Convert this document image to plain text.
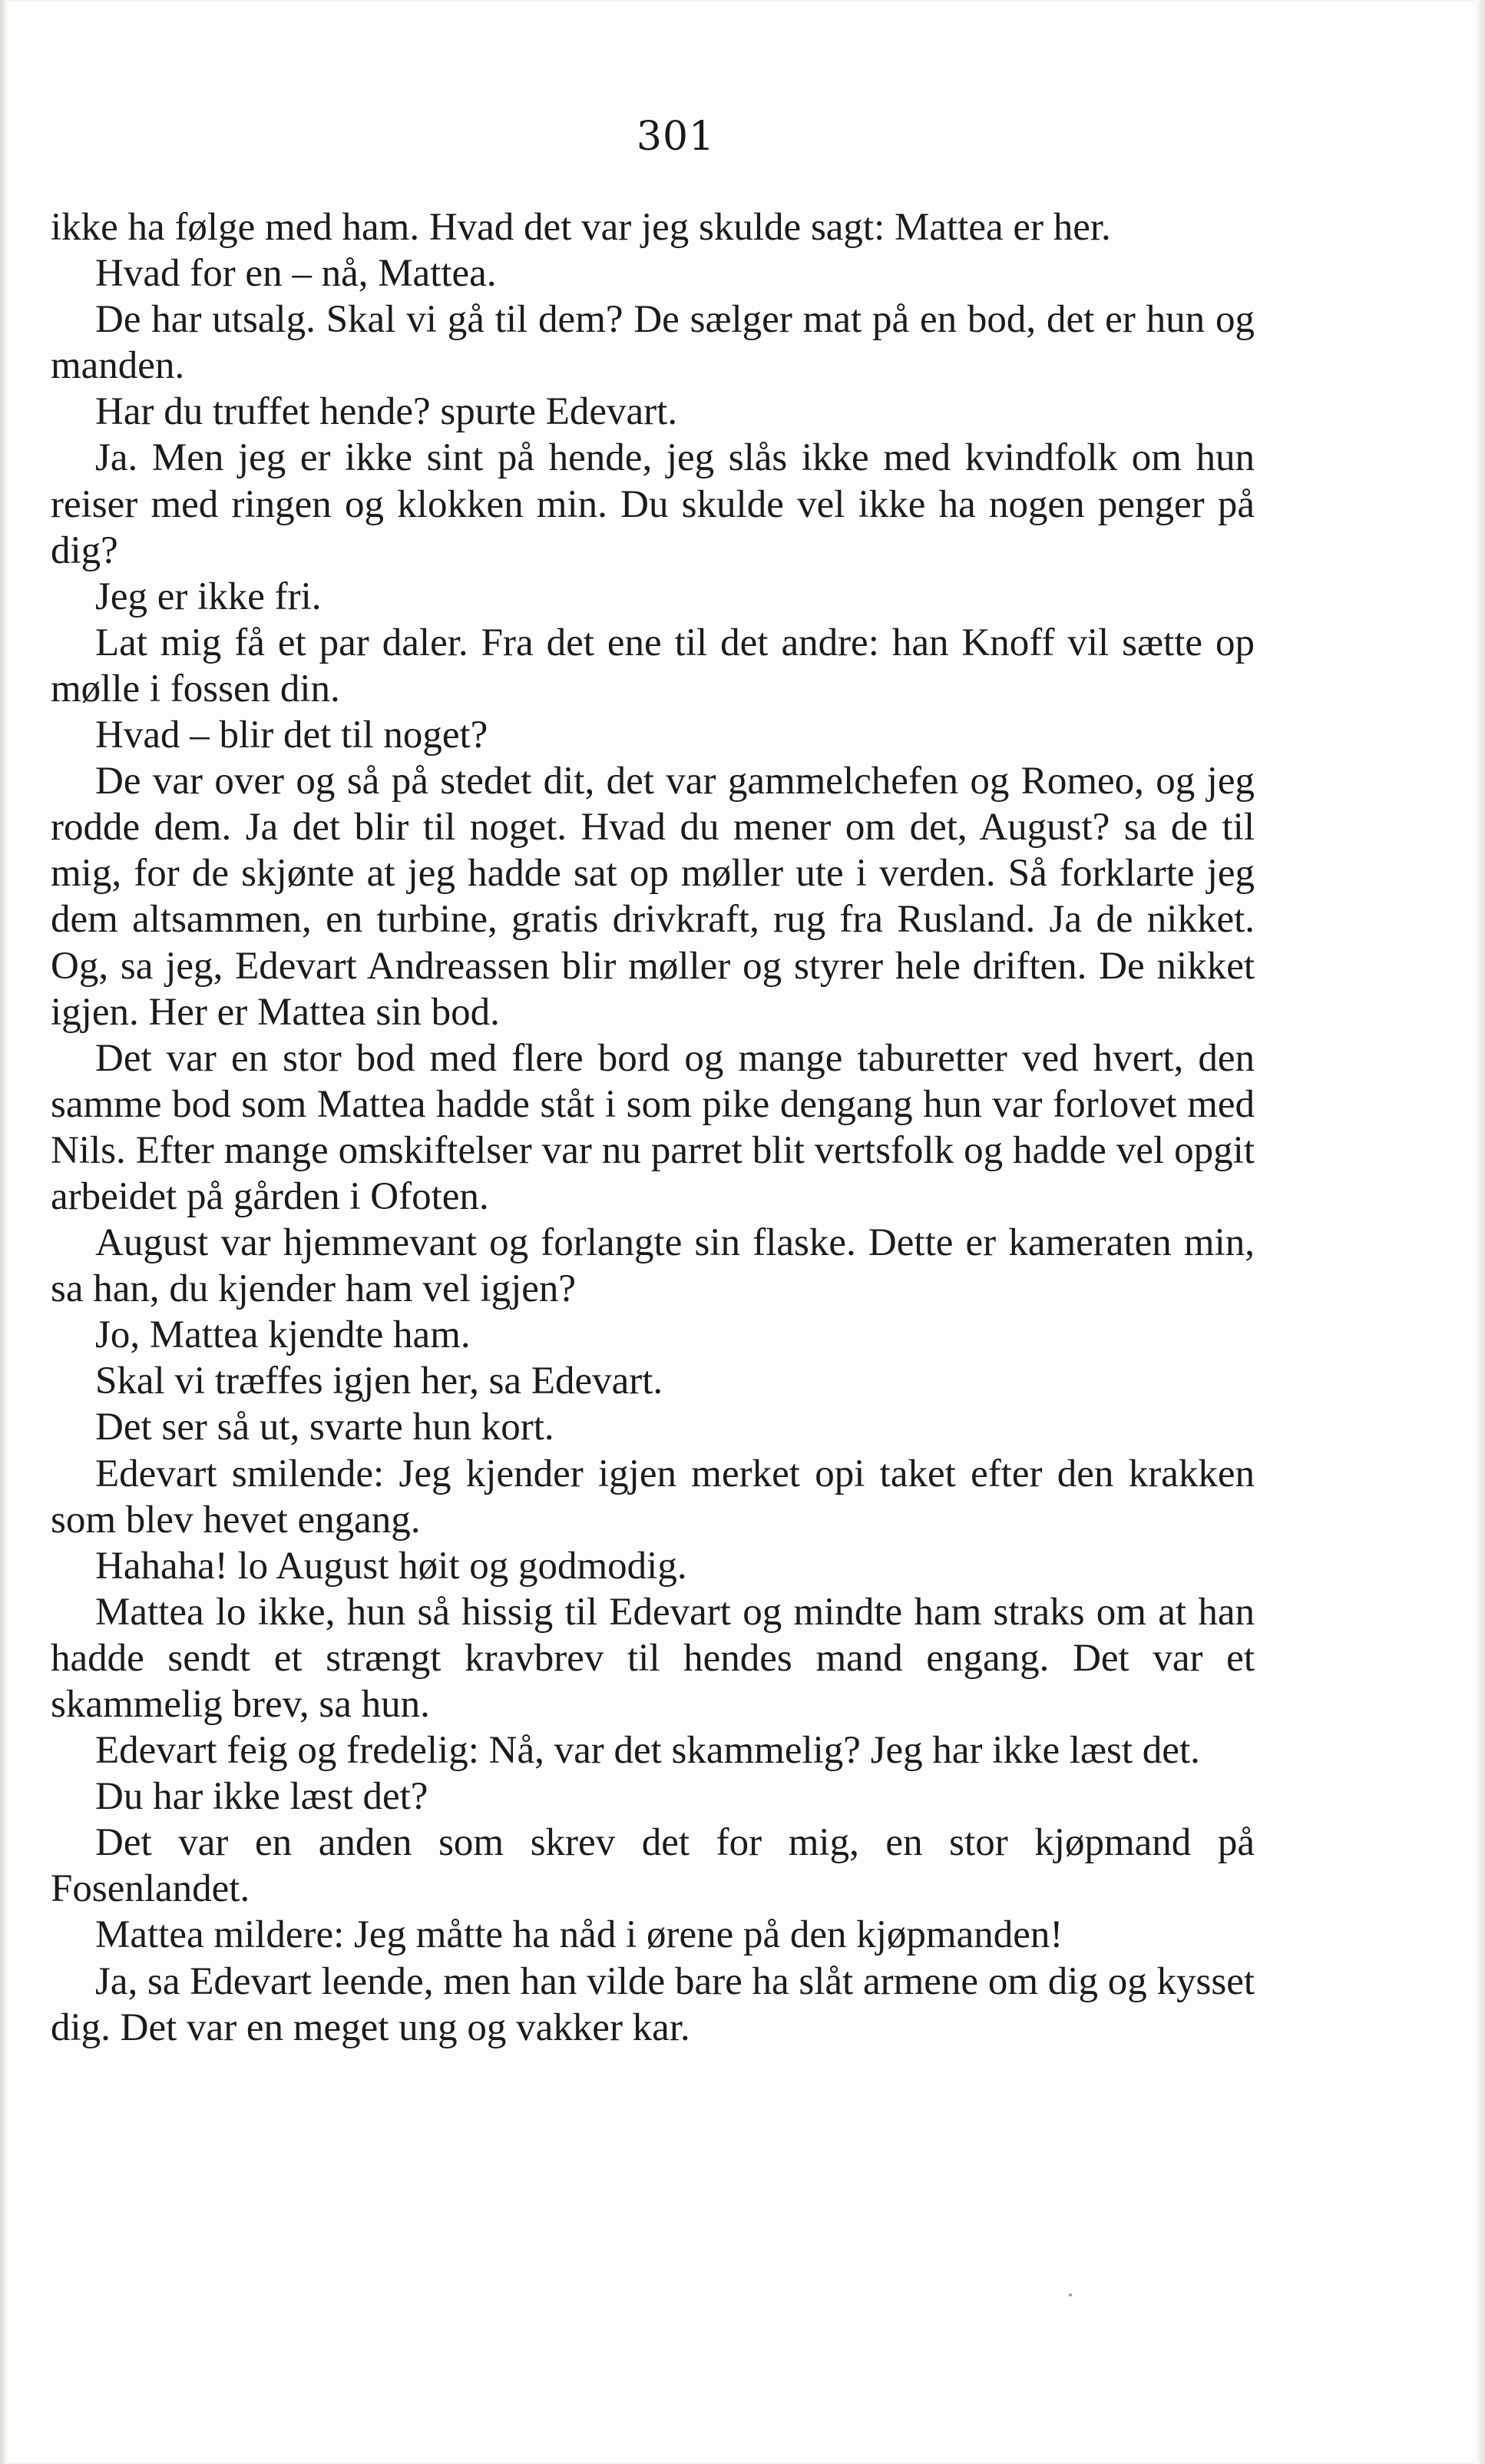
301

ikke ha følge med ham. Hvad det var jeg skulde sagt: Mattea er her.

Hvad for en – nå, Mattea.

De har utsalg. Skal vi gå til dem? De sælger mat på en bod, det er hun og manden.

Har du truffet hende? spurte Edevart.

Ja. Men jeg er ikke sint på hende, jeg slås ikke med kvindfolk om hun reiser med ringen og klokken min. Du skulde vel ikke ha nogen penger på dig?

Jeg er ikke fri.

Lat mig få et par daler. Fra det ene til det andre: han Knoff vil sætte op mølle i fossen din.

Hvad – blir det til noget?

De var over og så på stedet dit, det var gammelchefen og Romeo, og jeg rodde dem. Ja det blir til noget. Hvad du mener om det, August? sa de til mig, for de skjønte at jeg hadde sat op møller ute i verden. Så forklarte jeg dem altsammen, en turbine, gratis drivkraft, rug fra Rusland. Ja de nikket. Og, sa jeg, Edevart Andreassen blir møller og styrer hele driften. De nikket igjen. Her er Mattea sin bod.

Det var en stor bod med flere bord og mange taburetter ved hvert, den samme bod som Mattea hadde ståt i som pike dengang hun var forlovet med Nils. Efter mange omskiftelser var nu parret blit vertsfolk og hadde vel opgit arbeidet på gården i Ofoten.

August var hjemmevant og forlangte sin flaske. Dette er kameraten min, sa han, du kjender ham vel igjen?

Jo, Mattea kjendte ham.

Skal vi træffes igjen her, sa Edevart.

Det ser så ut, svarte hun kort.

Edevart smilende: Jeg kjender igjen merket opi taket efter den krakken som blev hevet engang.

Hahaha! lo August høit og godmodig.

Mattea lo ikke, hun så hissig til Edevart og mindte ham straks om at han hadde sendt et strængt kravbrev til hendes mand engang. Det var et skammelig brev, sa hun.

Edevart feig og fredelig: Nå, var det skammelig? Jeg har ikke læst det.

Du har ikke læst det?

Det var en anden som skrev det for mig, en stor kjøpmand på Fosenlandet.

Mattea mildere: Jeg måtte ha nåd i ørene på den kjøpmanden!

Ja, sa Edevart leende, men han vilde bare ha slåt armene om dig og kysset dig. Det var en meget ung og vakker kar.
